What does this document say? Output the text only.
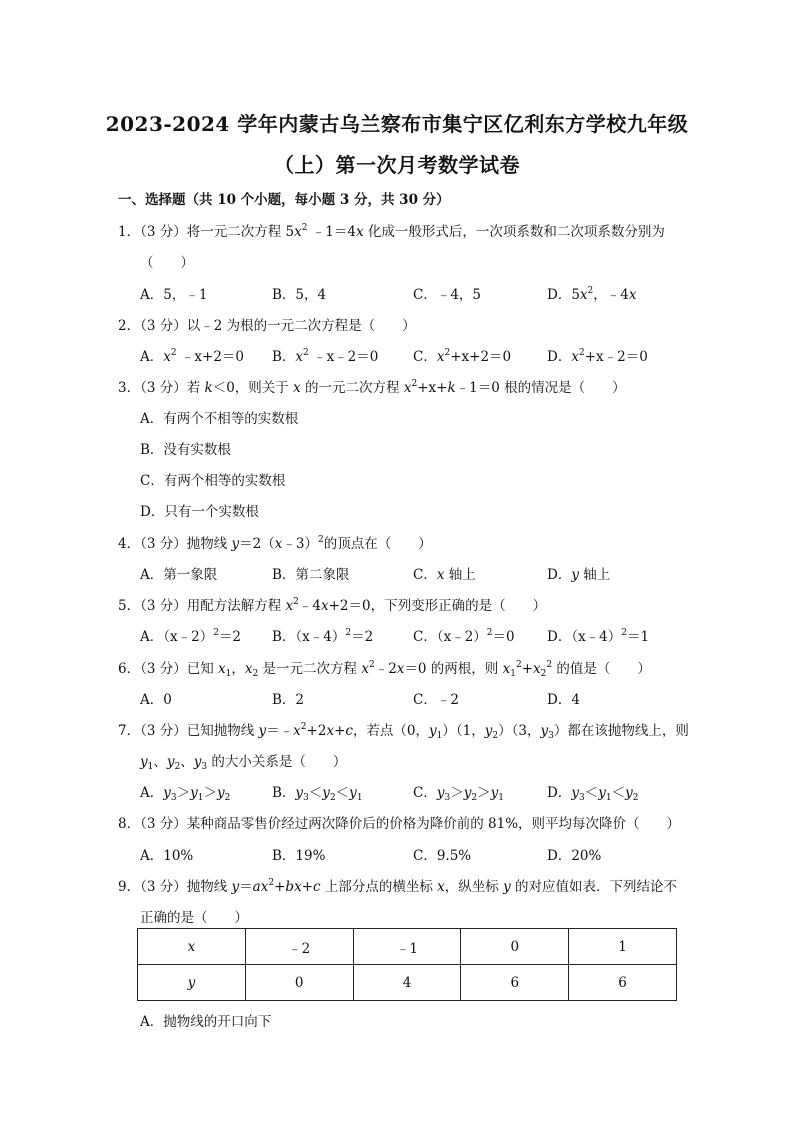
2023-2024 学年内蒙古乌兰察布市集宁区亿利东方学校九年级
（上）第一次月考数学试卷
一、选择题（共 10 个小题，每小题 3 分，共 30 分）
1．（3 分）将一元二次方程 $5x^2$ ﹣1＝4x 化成一般形式后，一次项系数和二次项系数分别为
（　　）
A．5，﹣1	B．5，4	C．﹣4，5	D．$5x^2$，﹣4x
2．（3 分）以﹣2 为根的一元二次方程是（　　）
A．$x^2$ ﹣x+2＝0 B．$x^2$ ﹣x﹣2＝0	C．$x^2+x+2=0$	D．$x^2+x﹣2=0$
3．（3 分）若 k＜0，则关于 x 的一元二次方程 $x^2+x+k﹣1=0$ 根的情况是（　　）
A．有两个不相等的实数根
B．没有实数根
C．有两个相等的实数根
D．只有一个实数根
4．（3 分）抛物线 y＝2（x﹣3）$^2$的顶点在（　　）
A．第一象限	B．第二象限	C．x 轴上	D．y 轴上
5．（3 分）用配方法解方程 $x^2﹣4x+2=0$，下列变形正确的是（　　）
A．（x﹣2）$^2$＝2 B．（x﹣4）$^2$＝2	C．（x﹣2）$^2$＝0 D．（x﹣4）$^2$＝1
6．（3 分）已知 $x_1$，$x_2$ 是一元二次方程 $x^2﹣2x=0$ 的两根，则 $x_1^2+x_2^2$ 的值是（　　）
A．0	B．2	C．﹣2	D．4
7．（3 分）已知抛物线 $y=﹣x^2+2x+c$，若点（0，$y_1)(1$，$y_2)(3$，$y_3$）都在该抛物线上，则
$y_1$、$y_2$、$y_3$ 的大小关系是（　　）
A．$y_3>y_1>y_2$	B．$y_3<y_2<y_1$	C．$y_3>y_2>y_1$	D．$y_3<y_1<y_2$
8．（3 分）某种商品零售价经过两次降价后的价格为降价前的 81%，则平均每次降价（　　）
A．10%	B．19%	C．9.5%	D．20%
9．（3 分）抛物线 $y=ax^2+bx+c$ 上部分点的横坐标 x，纵坐标 y 的对应值如表．下列结论不
正确的是（　　）
x	﹣2	﹣1	0	1
y	0	4	6	6
A．抛物线的开口向下
